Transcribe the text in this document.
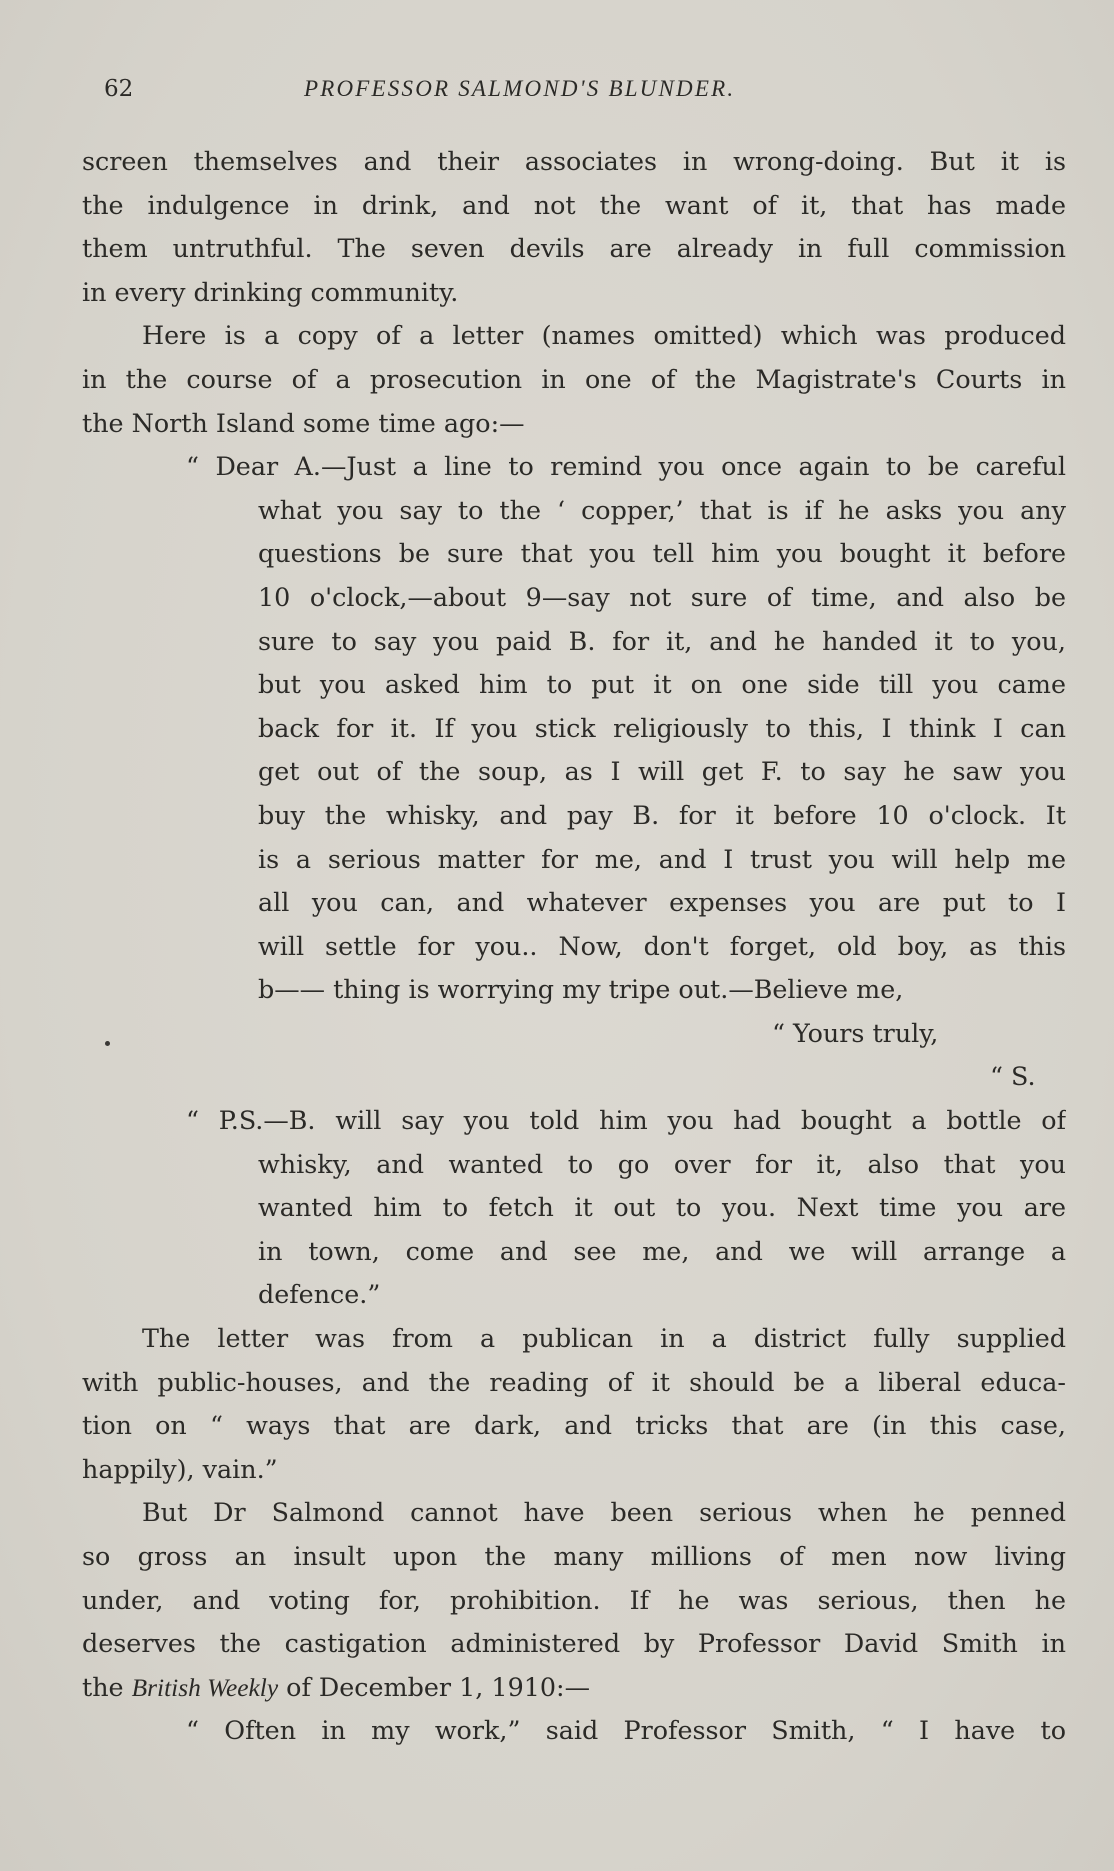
62	PROFESSOR SALMOND'S BLUNDER.
screen themselves and their associates in wrong-doing. But it is
the indulgence in drink, and not the want of it, that has made
them untruthful. The seven devils are already in full commission
in every drinking community.
Here is a copy of a letter (names omitted) which was produced
in the course of a prosecution in one of the Magistrate's Courts in
the North Island some time ago:—
“ Dear A.—Just a line to remind you once again to be careful
what you say to the ‘ copper,’ that is if he asks you any
questions be sure that you tell him you bought it before
10 o'clock,—about 9—say not sure of time, and also be
sure to say you paid B. for it, and he handed it to you,
but you asked him to put it on one side till you came
back for it. If you stick religiously to this, I think I can
get out of the soup, as I will get F. to say he saw you
buy the whisky, and pay B. for it before 10 o'clock. It
is a serious matter for me, and I trust you will help me
all you can, and whatever expenses you are put to I
will settle for you.. Now, don't forget, old boy, as this
b—— thing is worrying my tripe out.—Believe me,
“ Yours truly,
“ S.
“ P.S.—B. will say you told him you had bought a bottle of
whisky, and wanted to go over for it, also that you
wanted him to fetch it out to you. Next time you are
in town, come and see me, and we will arrange a
defence.”
The letter was from a publican in a district fully supplied
with public-houses, and the reading of it should be a liberal educa-
tion on “ ways that are dark, and tricks that are (in this case,
happily), vain.”
But Dr Salmond cannot have been serious when he penned
so gross an insult upon the many millions of men now living
under, and voting for, prohibition. If he was serious, then he
deserves the castigation administered by Professor David Smith in
the British Weekly of December 1, 1910:—
“ Often in my work,” said Professor Smith, “ I have to
